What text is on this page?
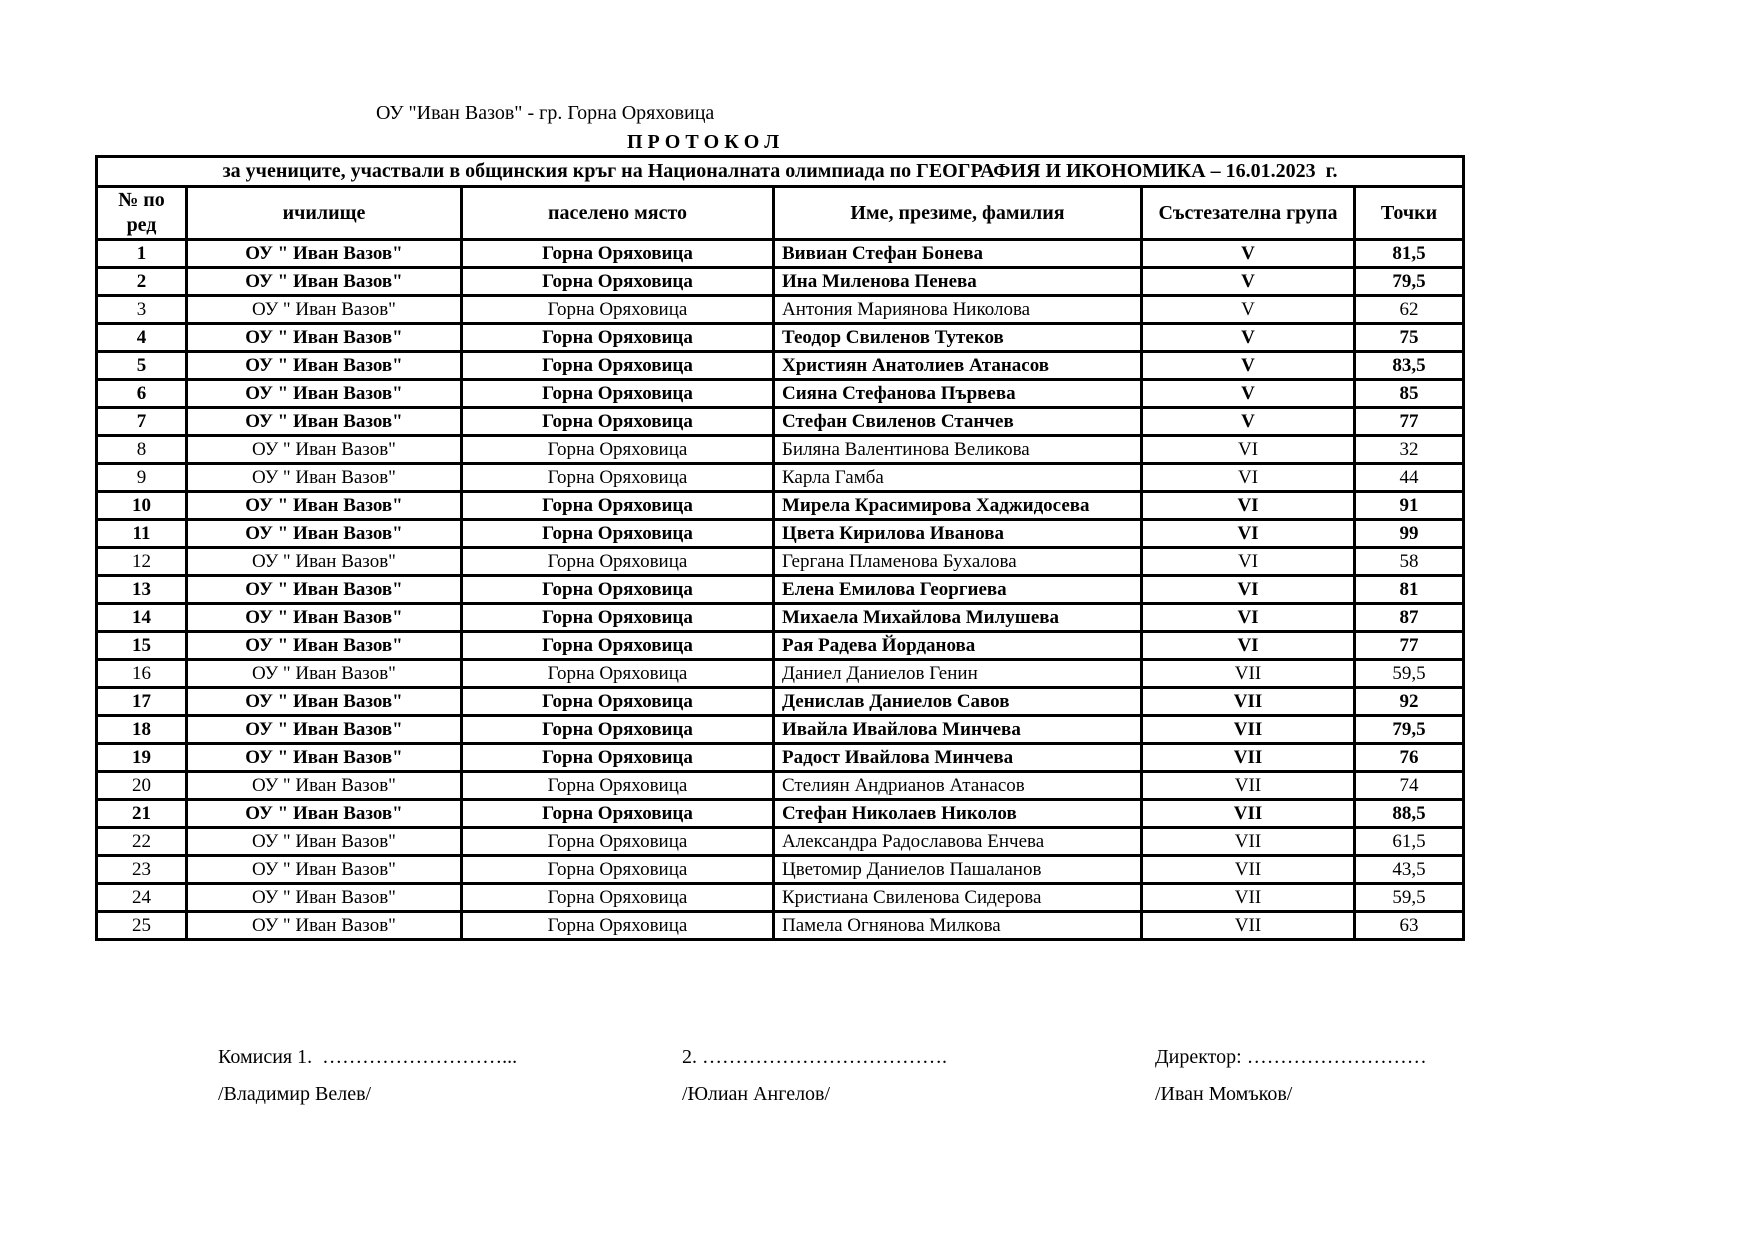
ОУ "Иван Вазов" - гр. Горна Оряховица
П Р О Т О К О Л
за учениците, участвали в общинския кръг на Националната олимпиада по ГЕОГРАФИЯ И ИКОНОМИКА – 16.01.2023  г.					
№ по ред	ичилище	паселено място	Име, презиме, фамилия	Състезателна група	Точки
1	ОУ " Иван Вазов"	Горна Оряховица	Вивиан Стефан Бонева	V	81,5
2	ОУ " Иван Вазов"	Горна Оряховица	Ина Миленова Пенева	V	79,5
3	ОУ " Иван Вазов"	Горна Оряховица	Антония Мариянова Николова	V	62
4	ОУ " Иван Вазов"	Горна Оряховица	Теодор Свиленов Тутеков	V	75
5	ОУ " Иван Вазов"	Горна Оряховица	Християн Анатолиев Атанасов	V	83,5
6	ОУ " Иван Вазов"	Горна Оряховица	Сияна Стефанова Първева	V	85
7	ОУ " Иван Вазов"	Горна Оряховица	Стефан Свиленов Станчев	V	77
8	ОУ " Иван Вазов"	Горна Оряховица	Биляна Валентинова Великова	VI	32
9	ОУ " Иван Вазов"	Горна Оряховица	Карла Гамба	VI	44
10	ОУ " Иван Вазов"	Горна Оряховица	Мирела Красимирова Хаджидосева	VI	91
11	ОУ " Иван Вазов"	Горна Оряховица	Цвета Кирилова Иванова	VI	99
12	ОУ " Иван Вазов"	Горна Оряховица	Гергана Пламенова Бухалова	VI	58
13	ОУ " Иван Вазов"	Горна Оряховица	Елена Емилова Георгиева	VI	81
14	ОУ " Иван Вазов"	Горна Оряховица	Михаела Михайлова Милушева	VI	87
15	ОУ " Иван Вазов"	Горна Оряховица	Рая Радева Йорданова	VI	77
16	ОУ " Иван Вазов"	Горна Оряховица	Даниел Даниелов Генин	VII	59,5
17	ОУ " Иван Вазов"	Горна Оряховица	Денислав Даниелов Савов	VII	92
18	ОУ " Иван Вазов"	Горна Оряховица	Ивайла Ивайлова Минчева	VII	79,5
19	ОУ " Иван Вазов"	Горна Оряховица	Радост Ивайлова Минчева	VII	76
20	ОУ " Иван Вазов"	Горна Оряховица	Стелиян Андрианов Атанасов	VII	74
21	ОУ " Иван Вазов"	Горна Оряховица	Стефан Николаев Николов	VII	88,5
22	ОУ " Иван Вазов"	Горна Оряховица	Александра Радославова Енчева	VII	61,5
23	ОУ " Иван Вазов"	Горна Оряховица	Цветомир Даниелов Пашаланов	VII	43,5
24	ОУ " Иван Вазов"	Горна Оряховица	Кристиана Свиленова Сидерова	VII	59,5
25	ОУ " Иван Вазов"	Горна Оряховица	Памела Огнянова Милкова	VII	63
Комисия 1.  ………………………...	2. ……………………………….	Директор: ………………………
/Владимир Велев/	/Юлиан Ангелов/	/Иван Момъков/
